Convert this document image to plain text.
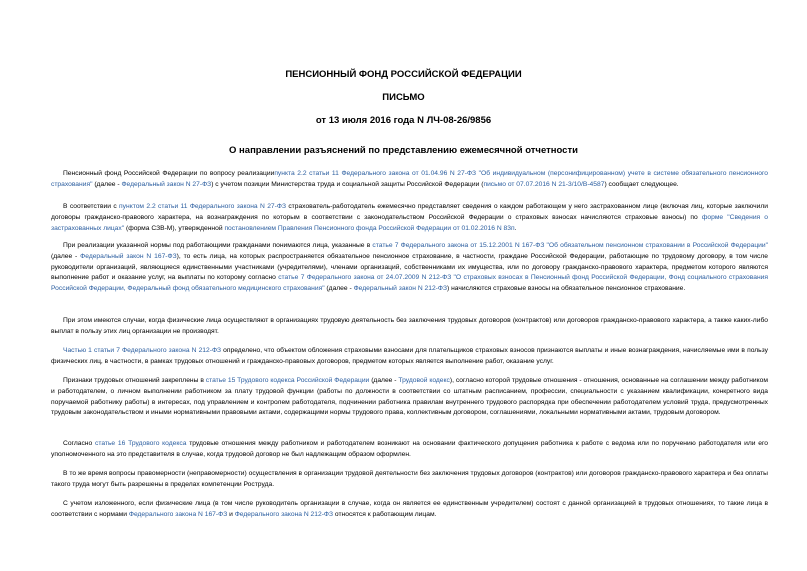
ПЕНСИОННЫЙ ФОНД РОССИЙСКОЙ ФЕДЕРАЦИИ
ПИСЬМО
от 13 июля 2016 года N ЛЧ-08-26/9856
О направлении разъяснений по представлению ежемесячной отчетности

Пенсионный фонд Российской Федерации по вопросу реализациипункта 2.2 статьи 11 Федерального закона от 01.04.96 N 27-ФЗ "Об индивидуальном (персонифицированном) учете в системе обязательного пенсионного страхования" (далее - Федеральный закон N 27-ФЗ) с учетом позиции Министерства труда и социальной защиты Российской Федерации (письмо от 07.07.2016 N 21-3/10/В-4587) сообщает следующее.

В соответствии с пунктом 2.2 статьи 11 Федерального закона N 27-ФЗ страхователь-работодатель ежемесячно представляет сведения о каждом работающем у него застрахованном лице (включая лиц, которые заключили договоры гражданско-правового характера, на вознаграждения по которым в соответствии с законодательством Российской Федерации о страховых взносах начисляются страховые взносы) по форме "Сведения о застрахованных лицах" (форма СЗВ-М), утвержденной постановлением Правления Пенсионного фонда Российской Федерации от 01.02.2016 N 83п.

При реализации указанной нормы под работающими гражданами понимаются лица, указанные в статье 7 Федерального закона от 15.12.2001 N 167-ФЗ "Об обязательном пенсионном страховании в Российской Федерации" (далее - Федеральный закон N 167-ФЗ), то есть лица, на которых распространяется обязательное пенсионное страхование, в частности, граждане Российской Федерации, работающие по трудовому договору, в том числе руководители организаций, являющиеся единственными участниками (учредителями), членами организаций, собственниками их имущества, или по договору гражданско-правового характера, предметом которого являются выполнение работ и оказание услуг, на выплаты по которому согласно статье 7 Федерального закона от 24.07.2009 N 212-ФЗ "О страховых взносах в Пенсионный фонд Российской Федерации, Фонд социального страхования Российской Федерации, Федеральный фонд обязательного медицинского страхования" (далее - Федеральный закон N 212-ФЗ) начисляются страховые взносы на обязательное пенсионное страхование.

При этом имеются случаи, когда физические лица осуществляют в организациях трудовую деятельность без заключения трудовых договоров (контрактов) или договоров гражданско-правового характера, а также каких-либо выплат в пользу этих лиц организации не производят.

Частью 1 статьи 7 Федерального закона N 212-ФЗ определено, что объектом обложения страховыми взносами для плательщиков страховых взносов признаются выплаты и иные вознаграждения, начисляемые ими в пользу физических лиц, в частности, в рамках трудовых отношений и гражданско-правовых договоров, предметом которых является выполнение работ, оказание услуг.

Признаки трудовых отношений закреплены в статье 15 Трудового кодекса Российской Федерации (далее - Трудовой кодекс), согласно которой трудовые отношения - отношения, основанные на соглашении между работником и работодателем, о личном выполнении работником за плату трудовой функции (работы по должности в соответствии со штатным расписанием, профессии, специальности с указанием квалификации, конкретного вида поручаемой работнику работы) в интересах, под управлением и контролем работодателя, подчинении работника правилам внутреннего трудового распорядка при обеспечении работодателем условий труда, предусмотренных трудовым законодательством и иными нормативными правовыми актами, содержащими нормы трудового права, коллективным договором, соглашениями, локальными нормативными актами, трудовым договором.

Согласно статье 16 Трудового кодекса трудовые отношения между работником и работодателем возникают на основании фактического допущения работника к работе с ведома или по поручению работодателя или его уполномоченного на это представителя в случае, когда трудовой договор не был надлежащим образом оформлен.

В то же время вопросы правомерности (неправомерности) осуществления в организации трудовой деятельности без заключения трудовых договоров (контрактов) или договоров гражданско-правового характера и без оплаты такого труда могут быть разрешены в пределах компетенции Роструда.

С учетом изложенного, если физические лица (в том числе руководитель организации в случае, когда он является ее единственным учредителем) состоят с данной организацией в трудовых отношениях, то такие лица в соответствии с нормами Федерального закона N 167-ФЗ и Федерального закона N 212-ФЗ относятся к работающим лицам.
